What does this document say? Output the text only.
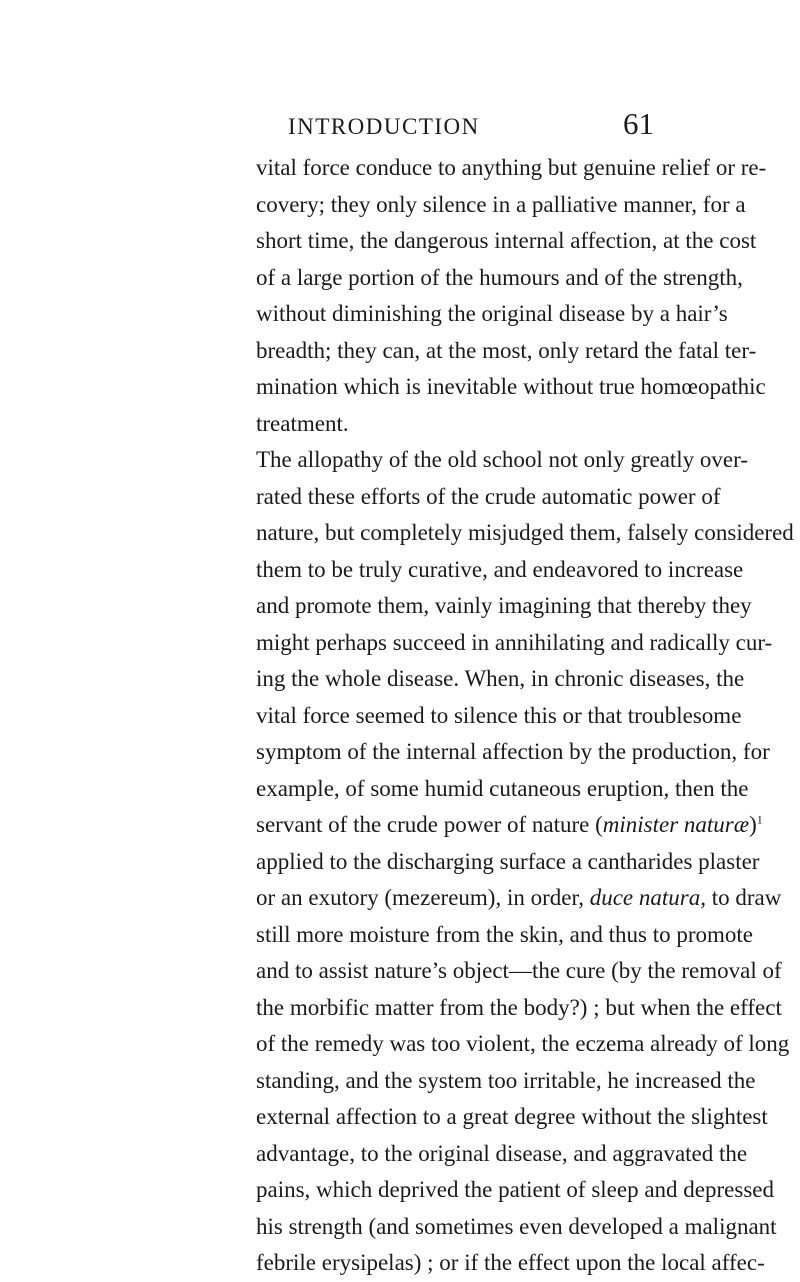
INTRODUCTION	61
vital force conduce to anything but genuine relief or re-
covery; they only silence in a palliative manner, for a
short time, the dangerous internal affection, at the cost
of a large portion of the humours and of the strength,
without diminishing the original disease by a hair’s
breadth; they can, at the most, only retard the fatal ter-
mination which is inevitable without true homœopathic
treatment.
The allopathy of the old school not only greatly over-
rated these efforts of the crude automatic power of
nature, but completely misjudged them, falsely considered
them to be truly curative, and endeavored to increase
and promote them, vainly imagining that thereby they
might perhaps succeed in annihilating and radically cur-
ing the whole disease. When, in chronic diseases, the
vital force seemed to silence this or that troublesome
symptom of the internal affection by the production, for
example, of some humid cutaneous eruption, then the
servant of the crude power of nature (minister naturæ)$^1$
applied to the discharging surface a cantharides plaster
or an exutory (mezereum), in order, duce natura, to draw
still more moisture from the skin, and thus to promote
and to assist nature’s object—the cure (by the removal of
the morbific matter from the body?) ; but when the effect
of the remedy was too violent, the eczema already of long
standing, and the system too irritable, he increased the
external affection to a great degree without the slightest
advantage, to the original disease, and aggravated the
pains, which deprived the patient of sleep and depressed
his strength (and sometimes even developed a malignant
febrile erysipelas) ; or if the effect upon the local affec-
